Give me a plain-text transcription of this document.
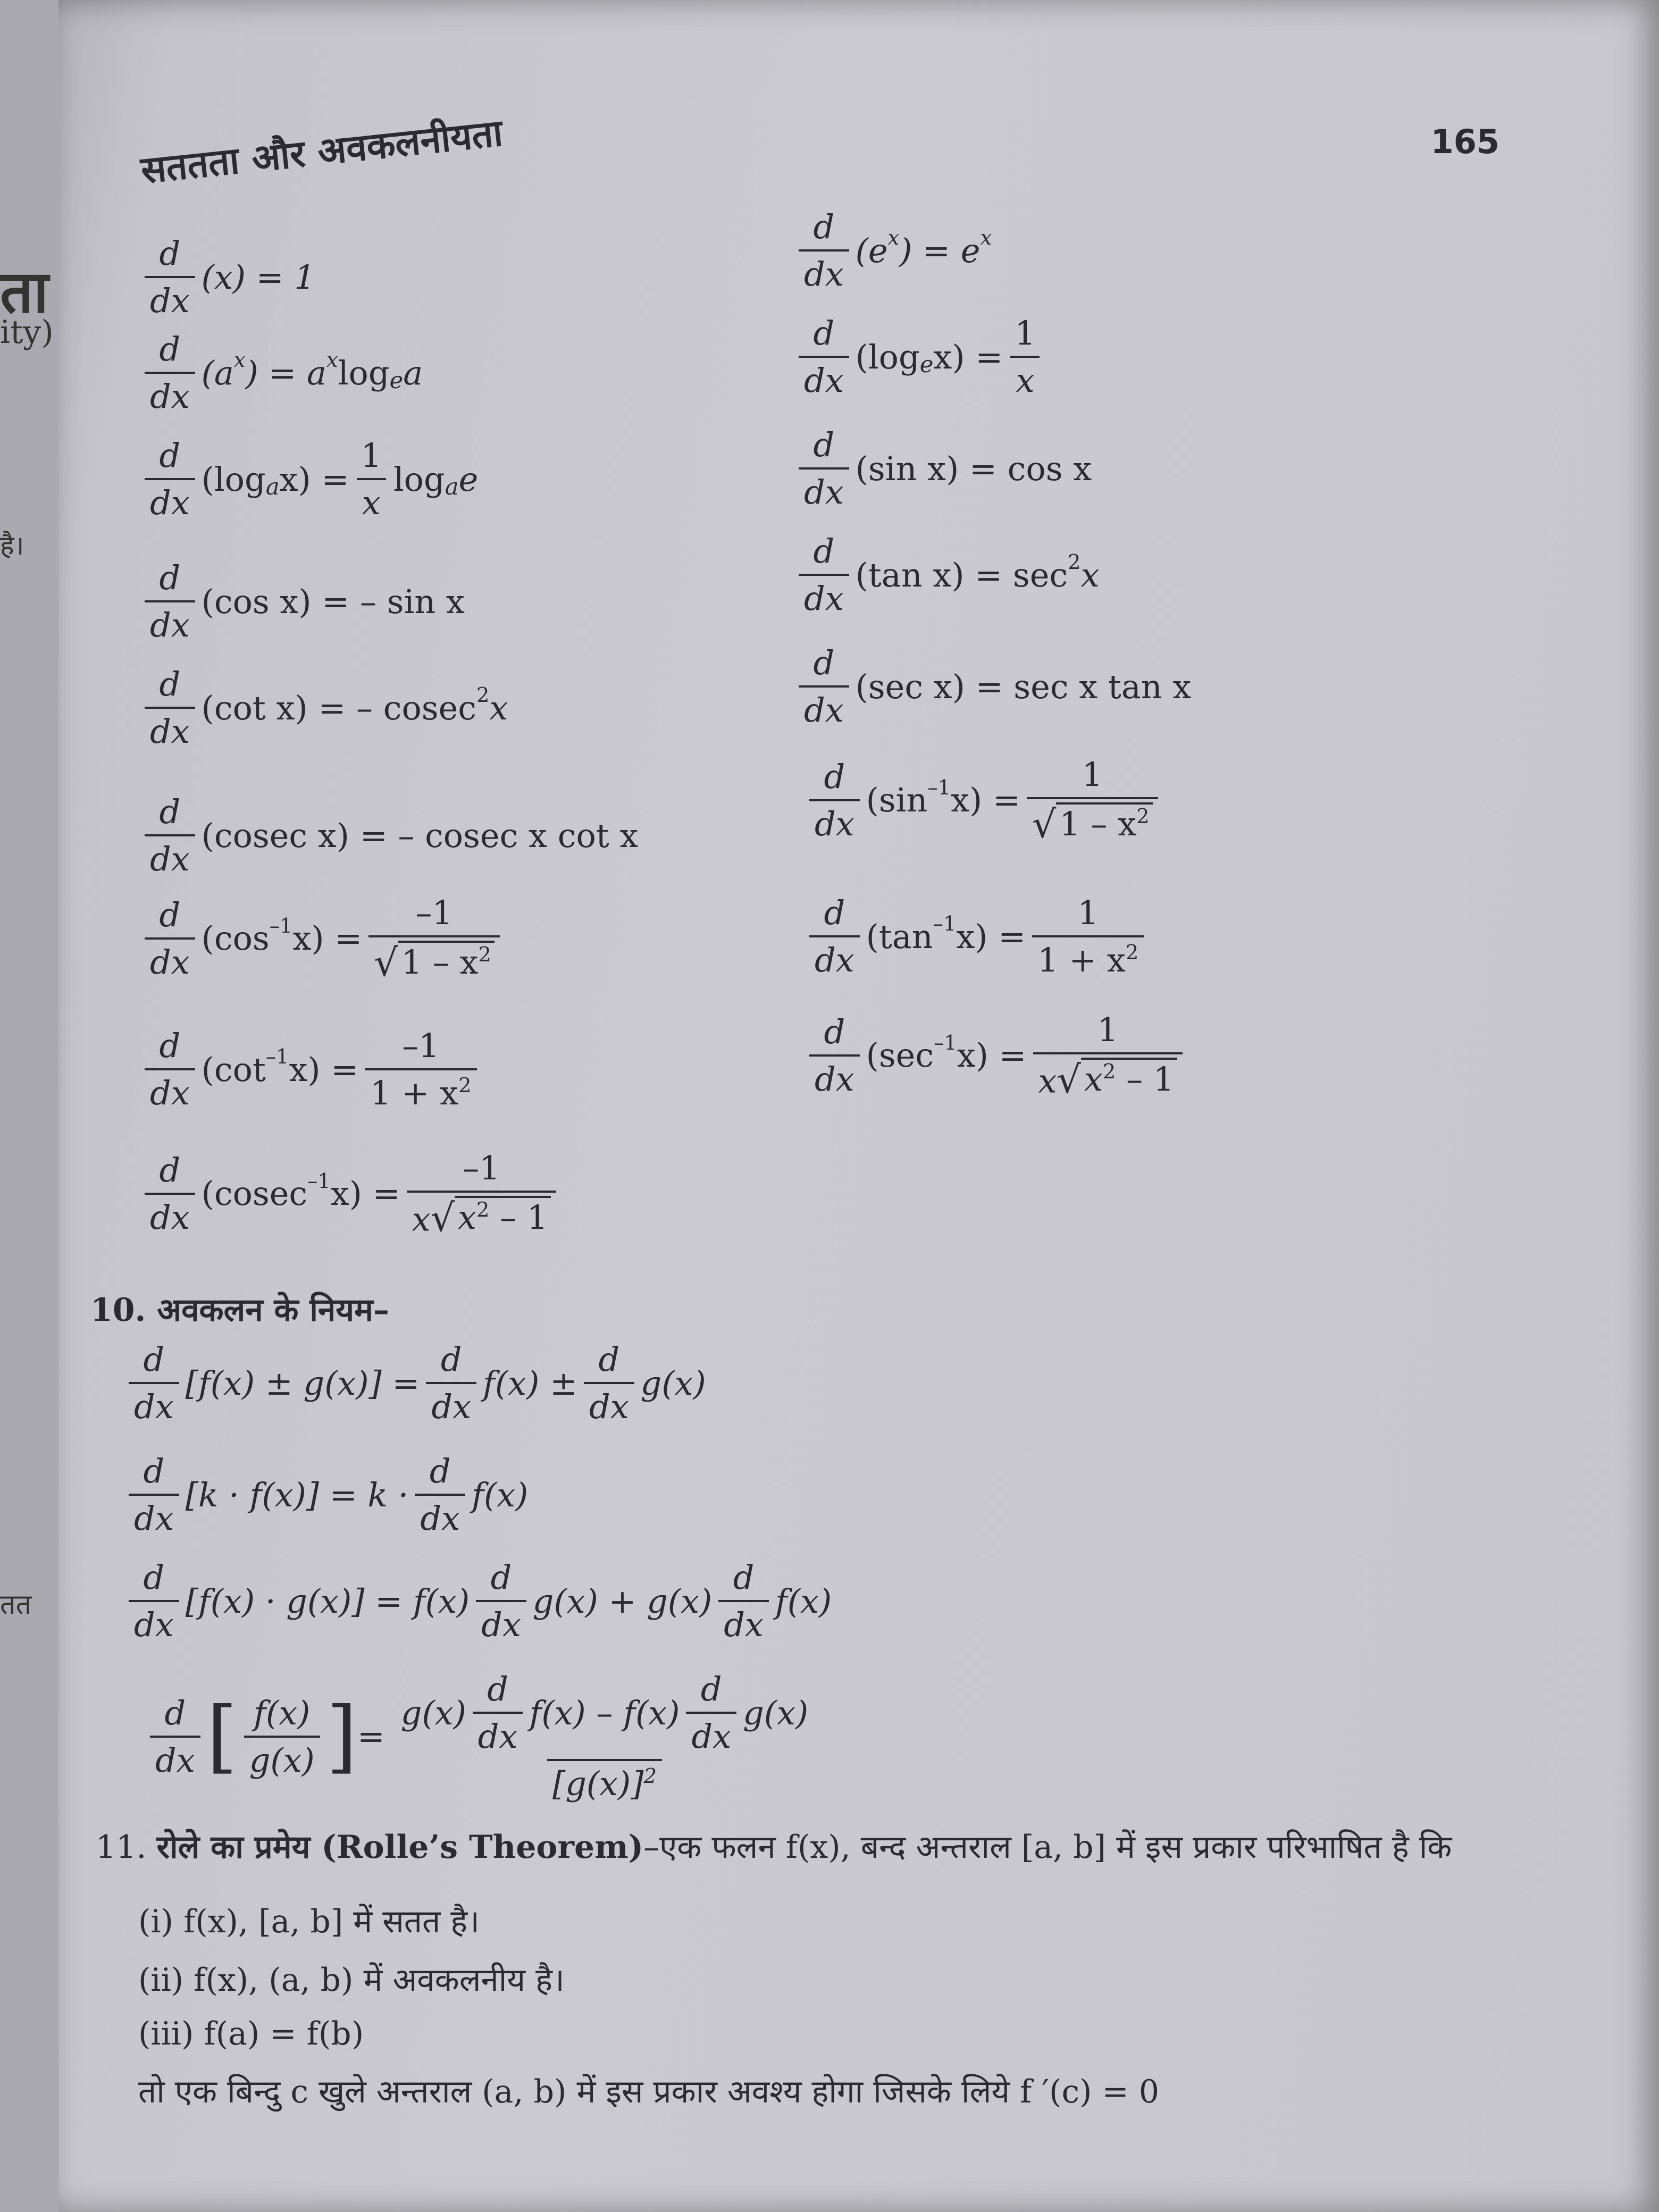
ता
ity)
है।
तत
सततता और अवकलनीयता	165
d
dx
(x) = 1
d
dx
(a x ) = a x log e a
d
dx
(log a $x) = \frac{1}{x}$ log a e
d
dx
(cos x) = – sin x
d
dx
(cot x) = – cosec 2 x
d
dx
(cosec x) = – cosec x cot x
d
dx
(cos –1 $x) = \frac{-1}{√ 1 - x^2}$
d
dx
(cot –1 $x) = \frac{-1}{1 + x^2}$
d
dx
(cosec –1 $x) = \frac{-1}{x √ x^2 - 1}$
d
dx
(e x ) = e x
d
dx
(log e $x) = \frac{1}{x}$
d
dx
(sin x) = cos x
d
dx
(tan x) = sec 2 x
d
dx
(sec x) = sec x tan x
d
dx
(sin –1 $x) = \frac{1}{√ 1 - x^2}$
d
dx
(tan –1 $x) = \frac{1}{1 + x^2}$
d
dx
(sec –1 $x) = \frac{1}{x √ x^2 - 1}$
10. अवकलन के नियम–
d
dx
$[f(x) \pm g(x)] = \frac{d}{dx} f(x) \pm \frac{d}{dx} g(x)$
d
dx
[k · f(x)] = k ·
d
dx
f(x)
d
dx
[f(x) · g(x)] = f(x)
d
dx
g(x) + g(x)
d
dx
f(x)
d
dx [ f(x)
g(x) ] =
g(x)
d
dx
f(x) – f(x)
d
dx
g(x)
$[g(x)]^2$
11. रोले का प्रमेय (Rolle’s Theorem)–एक फलन f(x), बन्द अन्तराल [a, b] में इस प्रकार परिभाषित है कि
(i) f(x), [a, b] में सतत है।
(ii) f(x), (a, b) में अवकलनीय है।
(iii) f(a) = f(b)
तो एक बिन्दु c खुले अन्तराल (a, b) में इस प्रकार अवश्य होगा जिसके लिये f ′(c) = 0
